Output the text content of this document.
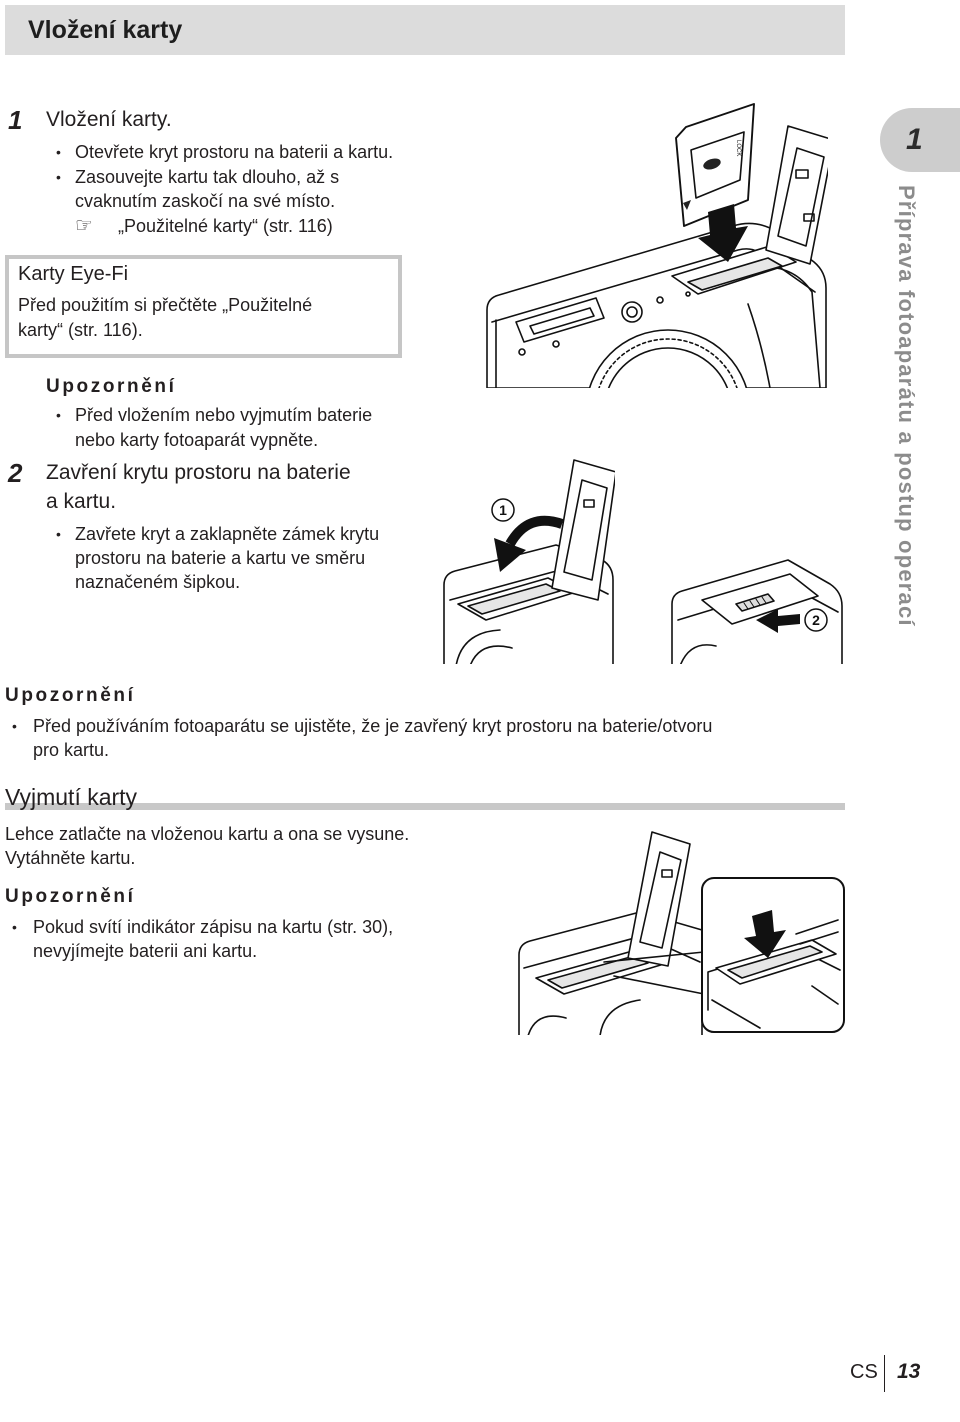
Vložení karty
1
Příprava fotoaparátu a postup operací
1 Vložení karty.
•
Otevřete kryt prostoru na baterii a kartu.
•
Zasouvejte kartu tak dlouho, až s
cvaknutím zaskočí na své místo.
☞
„Použitelné karty“ (str. 116)
Karty Eye-Fi
Před použitím si přečtěte „Použitelné
karty“ (str. 116).
Upozornění
•
Před vložením nebo vyjmutím baterie
nebo karty fotoaparát vypněte.
2 Zavření krytu prostoru na baterie
a kartu.
•
Zavřete kryt a zaklapněte zámek krytu
prostoru na baterie a kartu ve směru
naznačeném šipkou.
LOCK
1
2
Upozornění
•
Před používáním fotoaparátu se ujistěte, že je zavřený kryt prostoru na baterie/otvoru
pro kartu.
Vyjmutí karty
Lehce zatlačte na vloženou kartu a ona se vysune.
Vytáhněte kartu.
Upozornění
•
Pokud svítí indikátor zápisu na kartu (str. 30),
nevyjímejte baterii ani kartu.
CS 13
